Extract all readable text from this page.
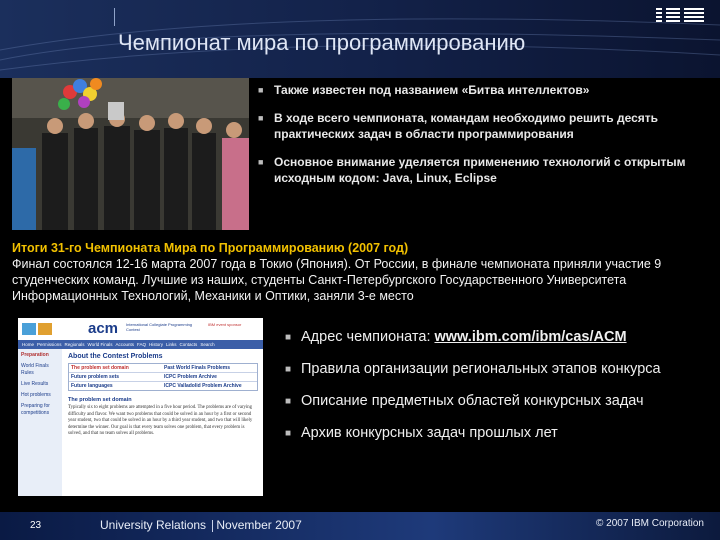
Чемпионат мира по программированию
■ Также известен под названием «Битва интеллектов»
■ В ходе всего чемпионата, командам необходимо решить десять практических задач в области программирования
■ Основное внимание уделяется применению технологий с открытым исходным кодом: Java, Linux, Eclipse
Итоги 31-го Чемпионата Мира по Программированию (2007 год)
Финал состоялся 12-16 марта 2007 года в Токио (Япония). От России, в финале чемпионата приняли участие 9 студенческих команд. Лучшие из наших, студенты Санкт-Петербургского Государственного Университета Информационных Технологий, Механики и Оптики, заняли 3-е место
acm International Collegiate Programming Contest
IBM event sponsor
Home Permissions Regionals World Finals Accounts FAQ History Links Contacts Search
Preparation
World Finals Rules
Live Results
Hot problems
Preparing for competitions
About the Contest Problems
The problem set domain	Past World Finals Problems
Future problem sets	ICPC Problem Archive
Future languages	ICPC Valladolid Problem Archive
The problem set domain
Typically six to eight problems are attempted in a five hour period. The problems are of varying difficulty and flavor. We want two problems that could be solved in an hour by a first or second year student, two that could be solved in an hour by a third year student, and two that will likely determine the winner. Our goal is that every team solves one problem, that every problem is solved, and that no team solves all problems.
■ Адрес чемпионата: www.ibm.com/ibm/cas/ACM
■ Правила организации региональных этапов конкурса
■ Описание предметных областей конкурсных задач
■ Архив конкурсных задач прошлых лет
23	University Relations November 2007	© 2007 IBM Corporation
